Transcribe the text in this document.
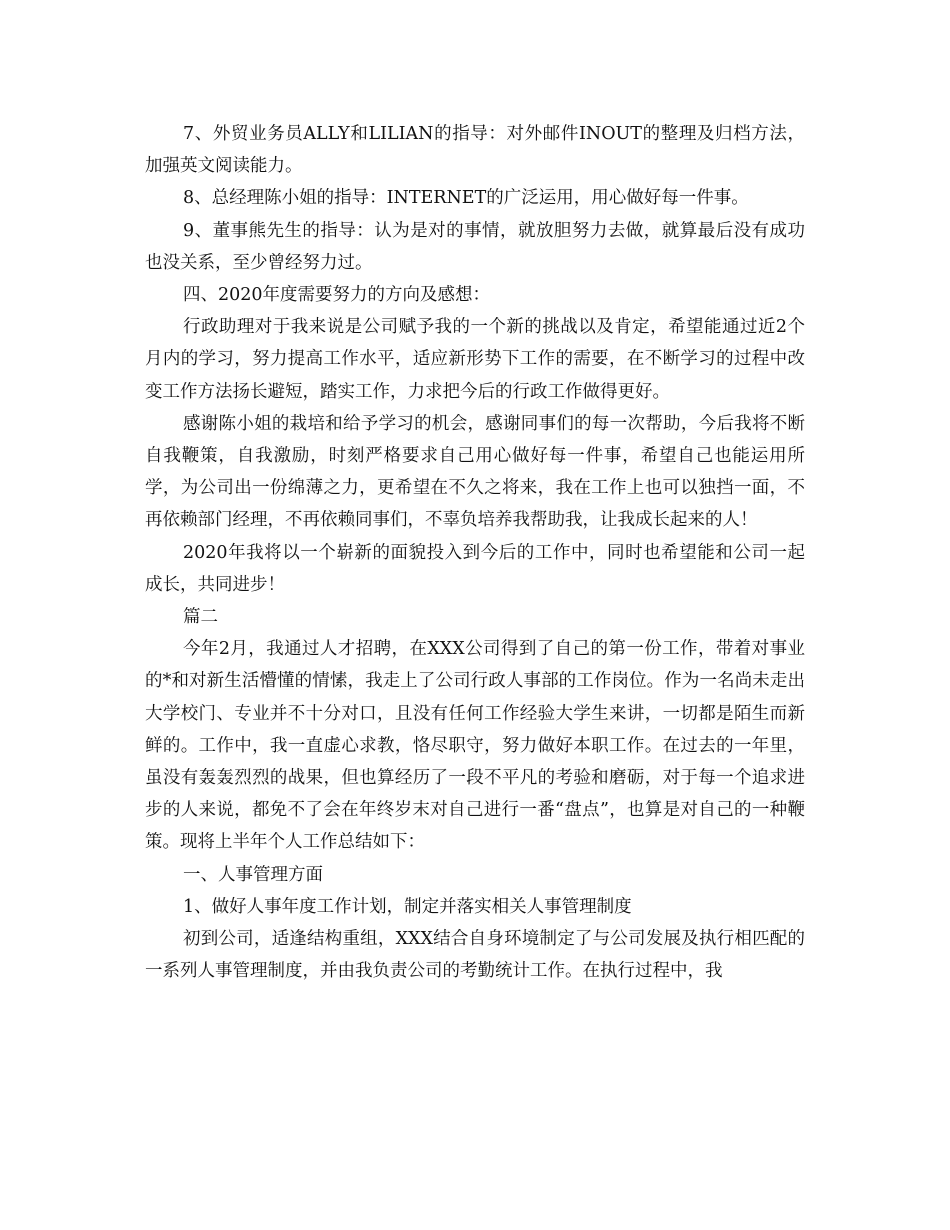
7、外贸业务员ALLY和LILIAN的指导：对外邮件INOUT的整理及归档方法，加强英文阅读能力。

8、总经理陈小姐的指导：INTERNET的广泛运用，用心做好每一件事。

9、董事熊先生的指导：认为是对的事情，就放胆努力去做，就算最后没有成功也没关系，至少曾经努力过。

四、2020年度需要努力的方向及感想：

行政助理对于我来说是公司赋予我的一个新的挑战以及肯定，希望能通过近2个月内的学习，努力提高工作水平，适应新形势下工作的需要，在不断学习的过程中改变工作方法扬长避短，踏实工作，力求把今后的行政工作做得更好。

感谢陈小姐的栽培和给予学习的机会，感谢同事们的每一次帮助，今后我将不断自我鞭策，自我激励，时刻严格要求自己用心做好每一件事，希望自己也能运用所学，为公司出一份绵薄之力，更希望在不久之将来，我在工作上也可以独挡一面，不再依赖部门经理，不再依赖同事们，不辜负培养我帮助我，让我成长起来的人！

2020年我将以一个崭新的面貌投入到今后的工作中，同时也希望能和公司一起成长，共同进步！

篇二

今年2月，我通过人才招聘，在XXX公司得到了自己的第一份工作，带着对事业的*和对新生活懵懂的情愫，我走上了公司行政人事部的工作岗位。作为一名尚未走出大学校门、专业并不十分对口，且没有任何工作经验大学生来讲，一切都是陌生而新鲜的。工作中，我一直虚心求教，恪尽职守，努力做好本职工作。在过去的一年里，虽没有轰轰烈烈的战果，但也算经历了一段不平凡的考验和磨砺，对于每一个追求进步的人来说，都免不了会在年终岁末对自己进行一番“盘点”，也算是对自己的一种鞭策。现将上半年个人工作总结如下：

一、人事管理方面

1、做好人事年度工作计划，制定并落实相关人事管理制度

初到公司，适逢结构重组，XXX结合自身环境制定了与公司发展及执行相匹配的一系列人事管理制度，并由我负责公司的考勤统计工作。在执行过程中，我
